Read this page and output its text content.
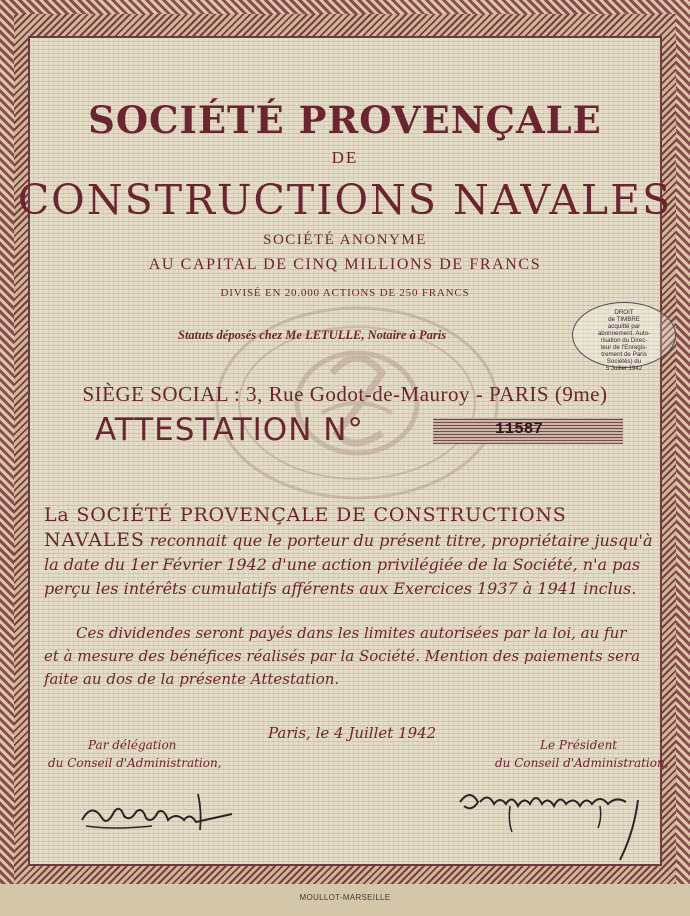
SOCIÉTÉ PROVENÇALE
DE
CONSTRUCTIONS NAVALES
SOCIÉTÉ ANONYME
AU CAPITAL DE CINQ MILLIONS DE FRANCS
DIVISÉ EN 20.000 ACTIONS DE 250 FRANCS
Statuts déposés chez Me LETULLE, Notaire à Paris
DROIT
de TIMBRE
acquitté par
abonnement. Auto-
risation du Direc-
teur de l'Enregis-
trement de Paris
Sociétés) du
5 Juillet 1942

SIÈGE SOCIAL : 3, Rue Godot-de-Mauroy - PARIS (9me)
ATTESTATION N°	11587
La SOCIÉTÉ PROVENÇALE DE CONSTRUCTIONS
NAVALES reconnait que le porteur du présent titre, propriétaire jusqu'à
la date du 1er Février 1942 d'une action privilégiée de la Société, n'a pas
perçu les intérêts cumulatifs afférents aux Exercices 1937 à 1941 inclus.
Ces dividendes seront payés dans les limites autorisées par la loi, au fur
et à mesure des bénéfices réalisés par la Société. Mention des paiements sera
faite au dos de la présente Attestation.
Paris, le 4 Juillet 1942
Par délégation
du Conseil d'Administration,
Le Président
du Conseil d'Administration,
MOULLOT-MARSEILLE
